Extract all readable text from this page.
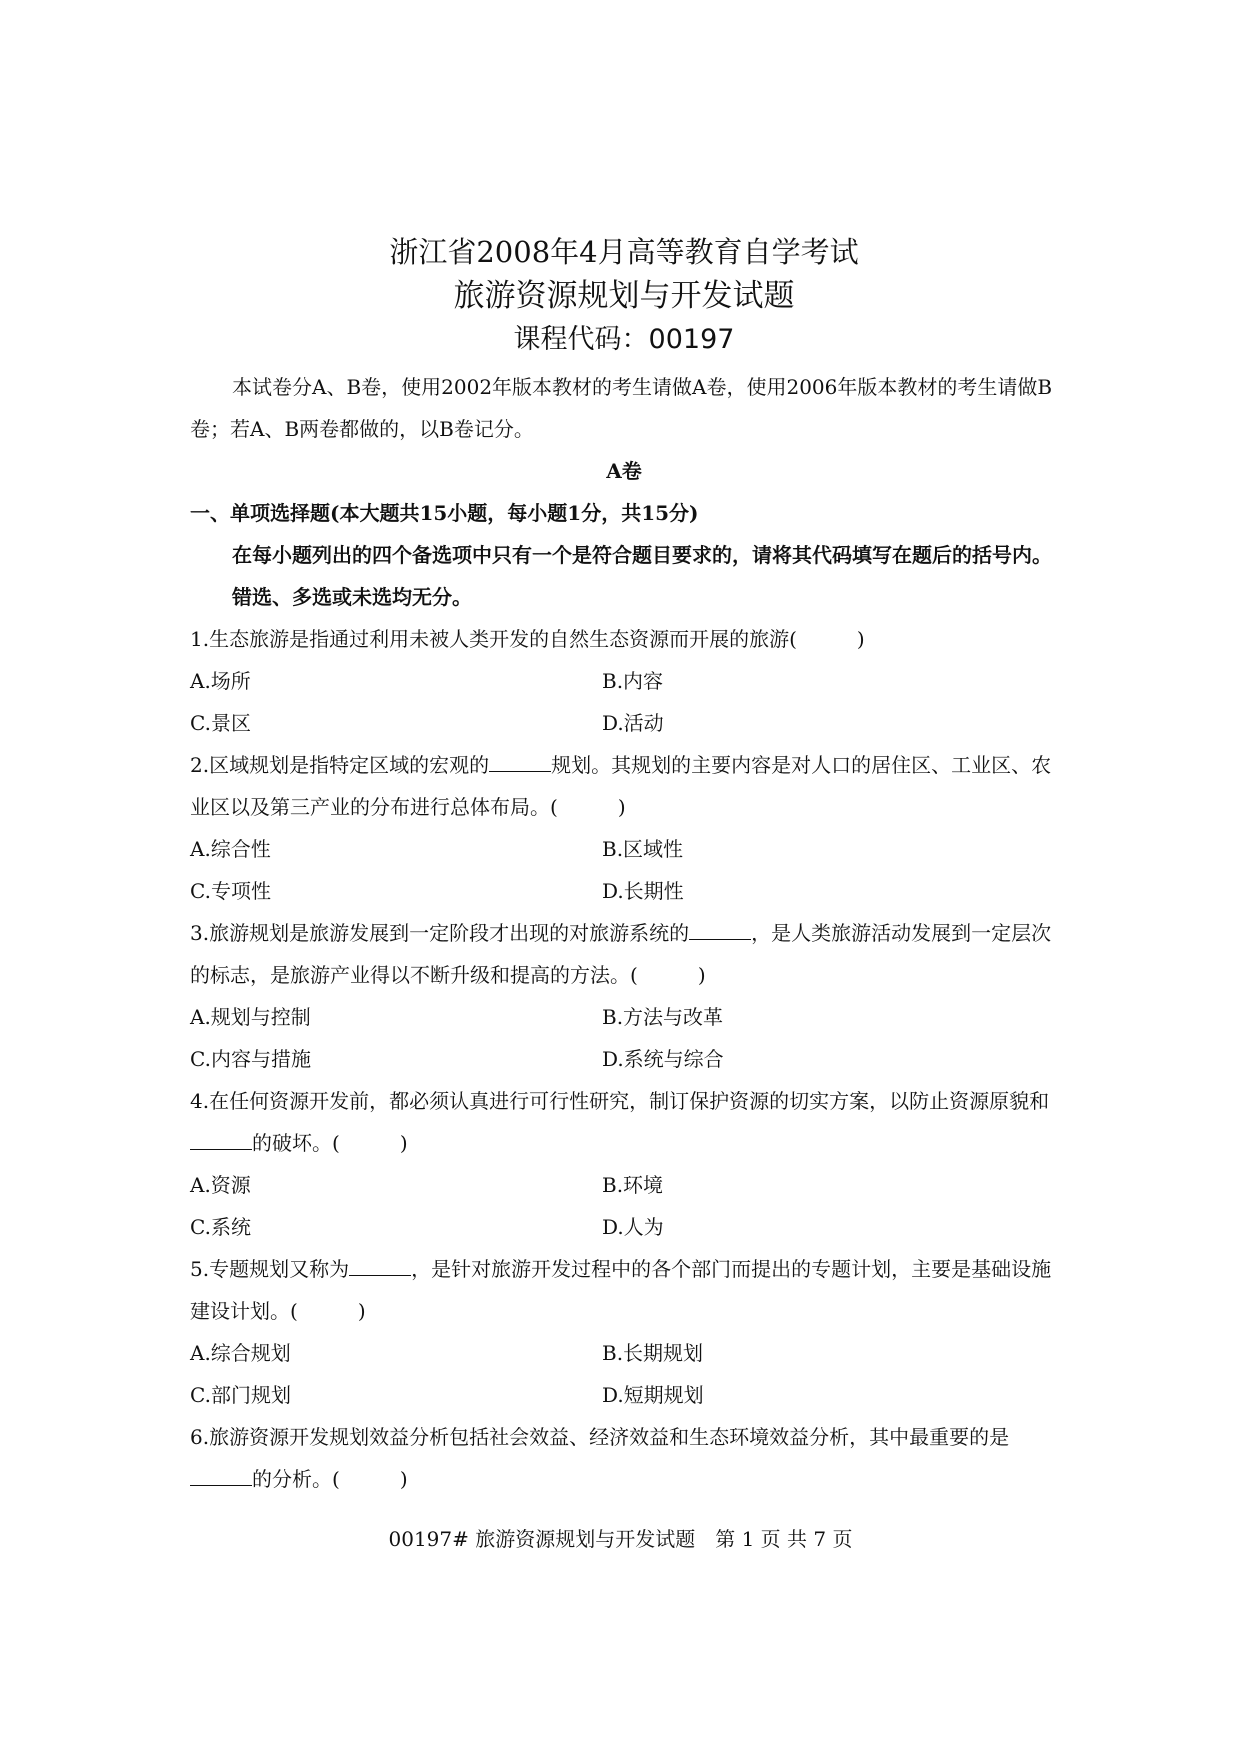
浙江省2008年4月高等教育自学考试
旅游资源规划与开发试题
课程代码：00197
本试卷分A、B卷，使用2002年版本教材的考生请做A卷，使用2006年版本教材的考生请做B卷；若A、B两卷都做的，以B卷记分。
A卷
一、单项选择题(本大题共15小题，每小题1分，共15分)
在每小题列出的四个备选项中只有一个是符合题目要求的，请将其代码填写在题后的括号内。错选、多选或未选均无分。
1.生态旅游是指通过利用未被人类开发的自然生态资源而开展的旅游(	)
A.场所	B.内容
C.景区	D.活动
2.区域规划是指特定区域的宏观的	规划。其规划的主要内容是对人口的居住区、工业区、农业区以及第三产业的分布进行总体布局。(	)
A.综合性	B.区域性
C.专项性	D.长期性
3.旅游规划是旅游发展到一定阶段才出现的对旅游系统的	，是人类旅游活动发展到一定层次的标志，是旅游产业得以不断升级和提高的方法。(	)
A.规划与控制	B.方法与改革
C.内容与措施	D.系统与综合
4.在任何资源开发前，都必须认真进行可行性研究，制订保护资源的切实方案，以防止资源原貌和的破坏。(	)
A.资源	B.环境
C.系统	D.人为
5.专题规划又称为	，是针对旅游开发过程中的各个部门而提出的专题计划，主要是基础设施建设计划。(	)
A.综合规划	B.长期规划
C.部门规划	D.短期规划
6.旅游资源开发规划效益分析包括社会效益、经济效益和生态环境效益分析，其中最重要的是的分析。(	)
00197# 旅游资源规划与开发试题　第 1 页 共 7 页
